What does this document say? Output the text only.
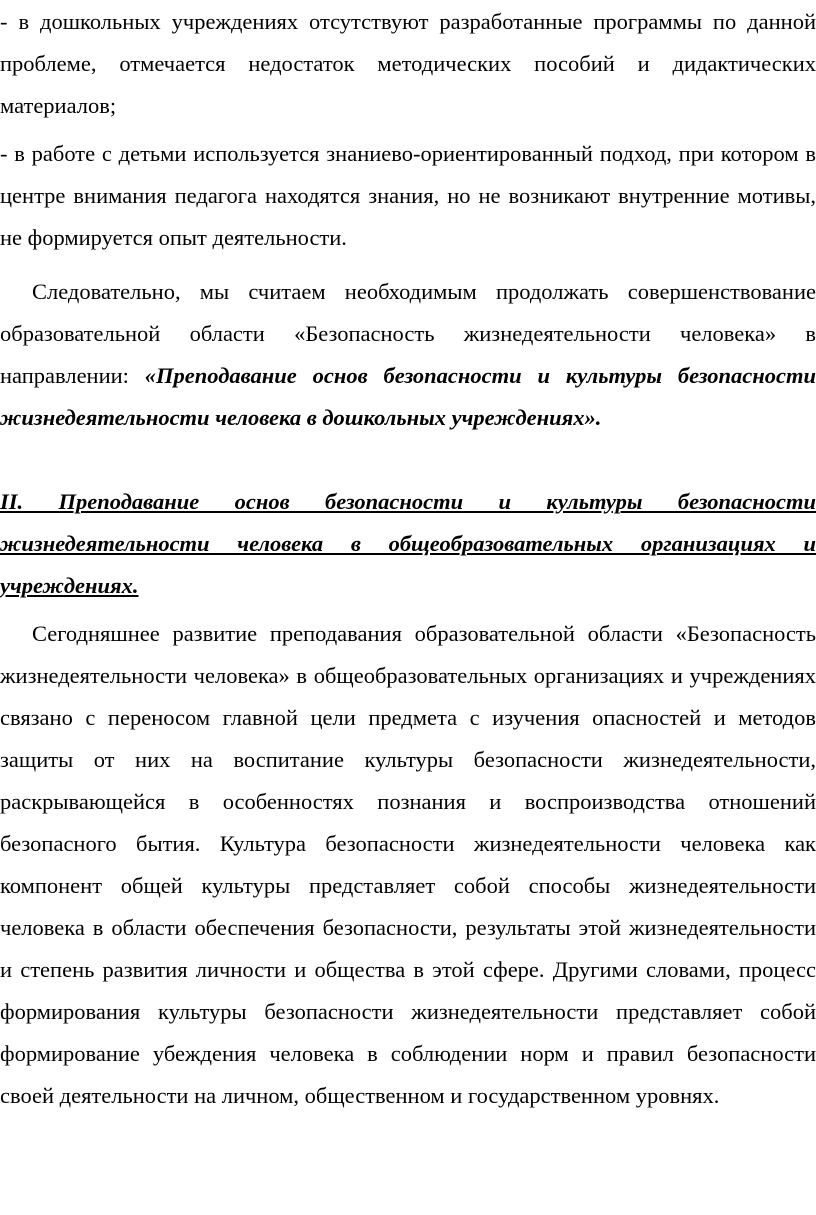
- в дошкольных учреждениях отсутствуют разработанные программы по данной проблеме, отмечается недостаток методических пособий и дидактических материалов;

- в работе с детьми используется знаниево-ориентированный подход, при котором в центре внимания педагога находятся знания, но не возникают внутренние мотивы, не формируется опыт деятельности.

Следовательно, мы считаем необходимым продолжать совершенствование образовательной области «Безопасность жизнедеятельности человека» в направлении: «Преподавание основ безопасности и культуры безопасности жизнедеятельности человека в дошкольных учреждениях».

II. Преподавание основ безопасности и культуры безопасности жизнедеятельности человека в общеобразовательных организациях и учреждениях.

Сегодняшнее развитие преподавания образовательной области «Безопасность жизнедеятельности человека» в общеобразовательных организациях и учреждениях связано с переносом главной цели предмета с изучения опасностей и методов защиты от них на воспитание культуры безопасности жизнедеятельности, раскрывающейся в особенностях познания и воспроизводства отношений безопасного бытия. Культура безопасности жизнедеятельности человека как компонент общей культуры представляет собой способы жизнедеятельности человека в области обеспечения безопасности, результаты этой жизнедеятельности и степень развития личности и общества в этой сфере. Другими словами, процесс формирования культуры безопасности жизнедеятельности представляет собой формирование убеждения человека в соблюдении норм и правил безопасности своей деятельности на личном, общественном и государственном уровнях.
